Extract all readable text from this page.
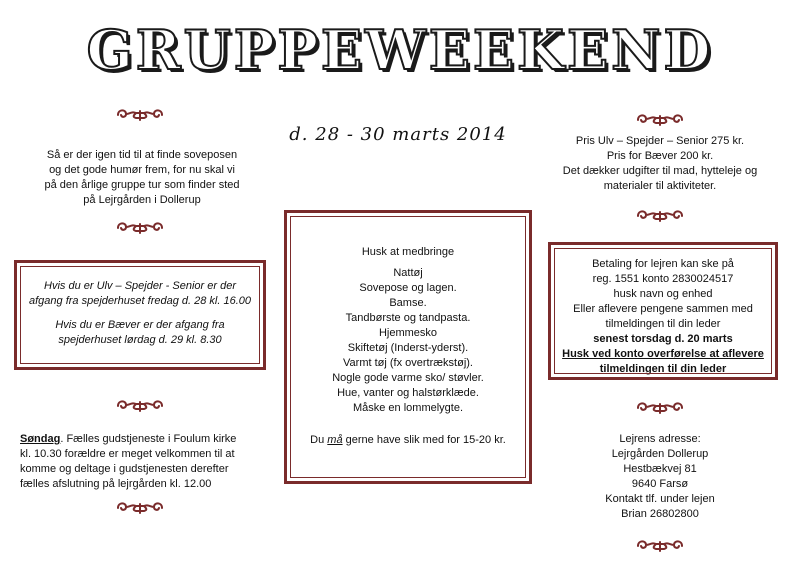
GRUPPEWEEKEND
d. 28 - 30 marts 2014
Så er der igen tid til at finde soveposen og det gode humør frem, for nu skal vi på den årlige gruppe tur som finder sted på Lejrgården i Dollerup

Hvis du er Ulv – Spejder - Senior er der afgang fra spejderhuset fredag d. 28 kl. 16.00

Hvis du er Bæver er der afgang fra spejderhuset lørdag d. 29 kl. 8.30

Søndag. Fælles gudstjeneste i Foulum kirke kl. 10.30 forældre er meget velkommen til at komme og deltage i gudstjenesten derefter fælles afslutning på lejrgården kl. 12.00

Husk at medbringe

Nattøj

Sovepose og lagen.

Bamse.

Tandbørste og tandpasta.

Hjemmesko

Skiftetøj (Inderst-yderst).

Varmt tøj (fx overtrækstøj).

Nogle gode varme sko/ støvler.

Hue, vanter og halstørklæde.

Måske en lommelygte.

Du må gerne have slik med for 15-20 kr.

Pris Ulv – Spejder – Senior 275 kr.

Pris for Bæver 200 kr.

Det dækker udgifter til mad, hytteleje og materialer til aktiviteter.

Betaling for lejren kan ske på

reg. 1551 konto 2830024517

husk navn og enhed

Eller aflevere pengene sammen med tilmeldingen til din leder

senest torsdag d. 20 marts

Husk ved konto overførelse at aflevere tilmeldingen til din leder

Lejrens adresse:

Lejrgården Dollerup

Hestbækvej 81

9640 Farsø

Kontakt tlf. under lejen

Brian 26802800
